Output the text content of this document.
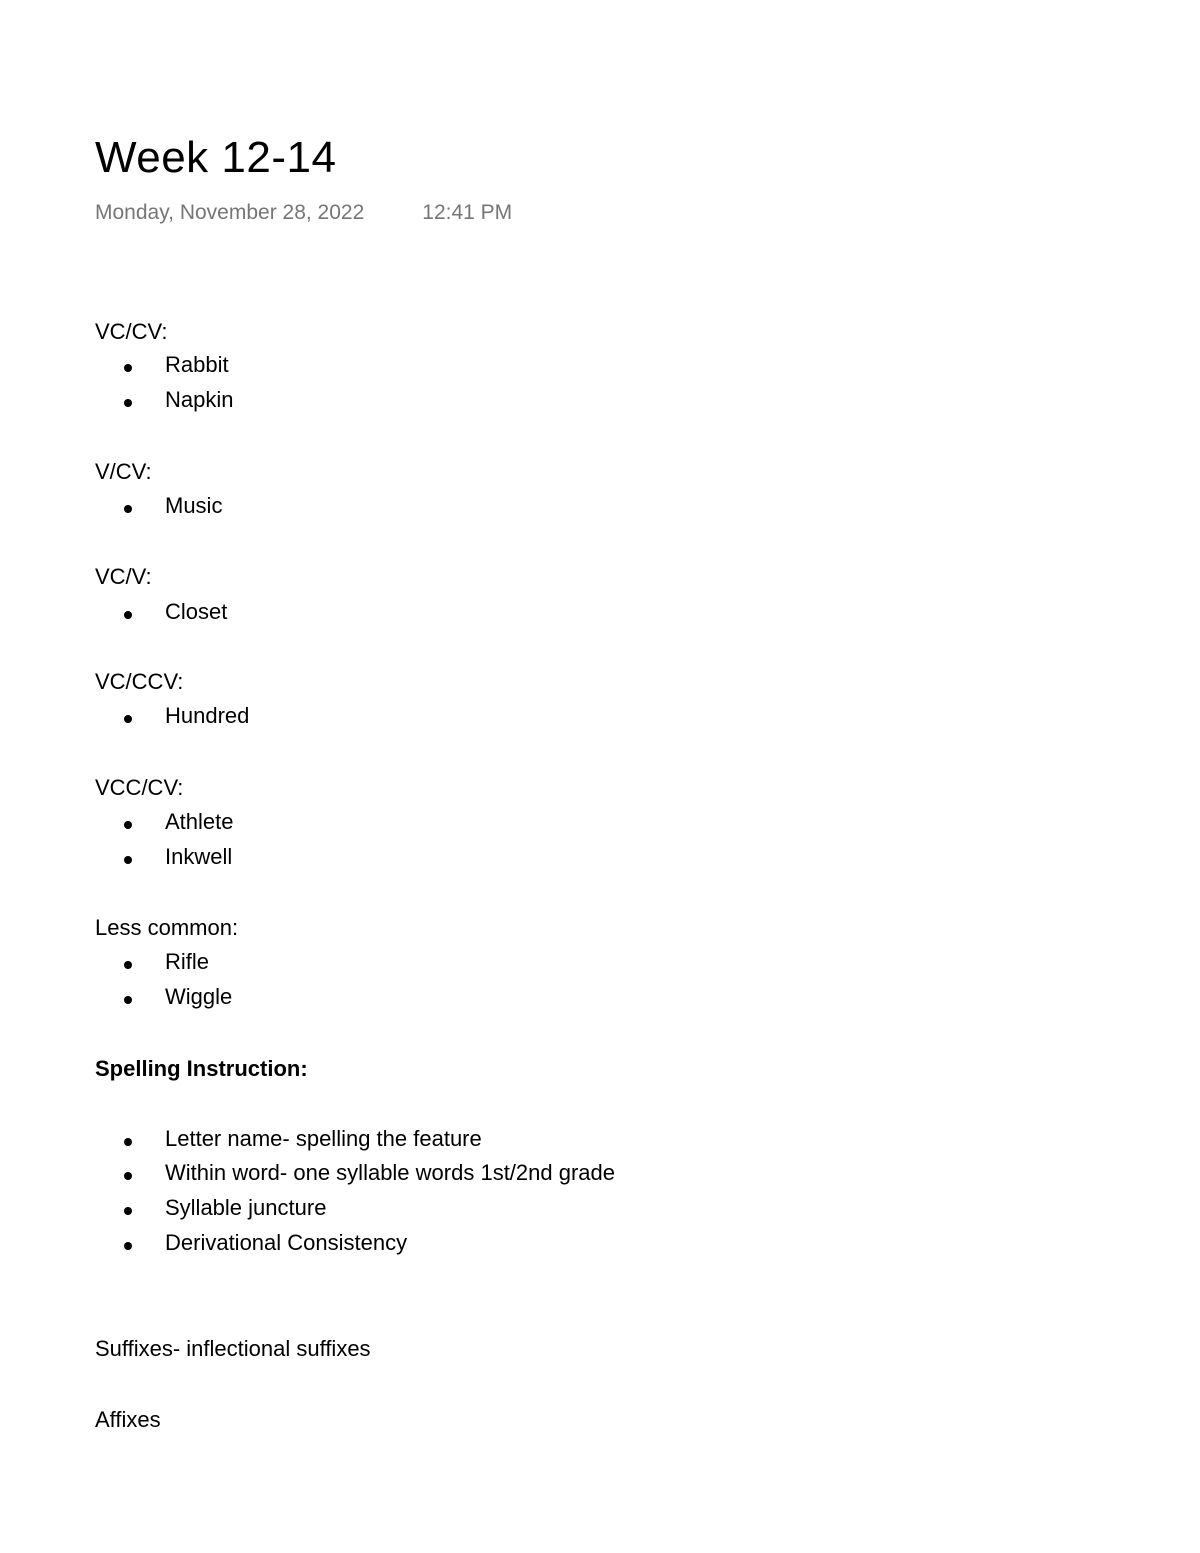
Week 12-14
Monday, November 28, 2022	12:41 PM
VC/CV:
Rabbit
Napkin
V/CV:
Music
VC/V:
Closet
VC/CCV:
Hundred
VCC/CV:
Athlete
Inkwell
Less common:
Rifle
Wiggle
Spelling Instruction:
Letter name- spelling the feature
Within word- one syllable words 1st/2nd grade
Syllable juncture
Derivational Consistency
Suffixes- inflectional suffixes
Affixes
